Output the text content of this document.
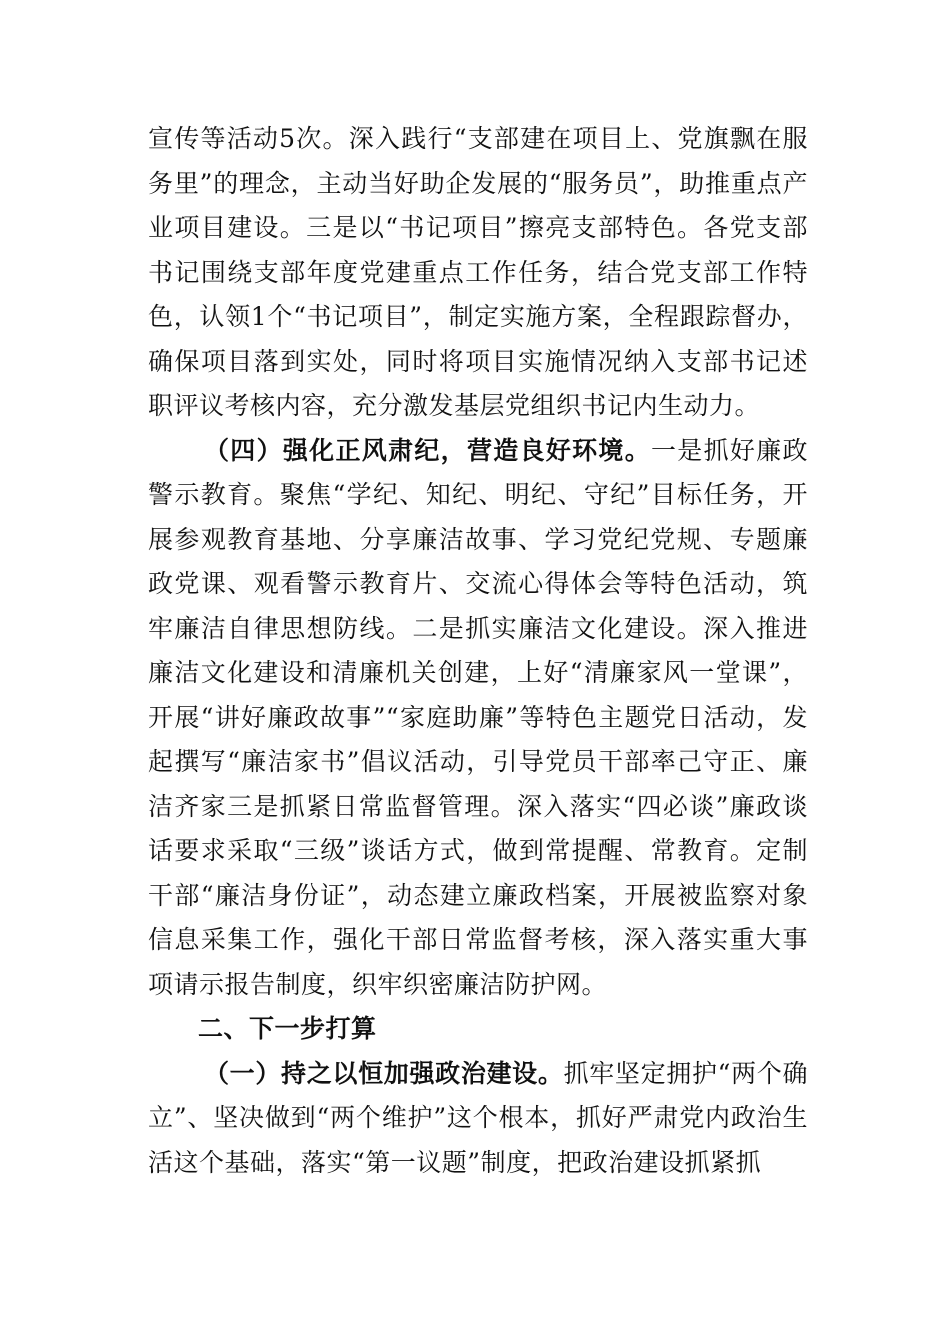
宣传等活动5次。深入践行“支部建在项目上、党旗飘在服务里”的理念，主动当好助企发展的“服务员”，助推重点产业项目建设。三是以“书记项目”擦亮支部特色。各党支部书记围绕支部年度党建重点工作任务，结合党支部工作特色，认领1个“书记项目”，制定实施方案，全程跟踪督办，确保项目落到实处，同时将项目实施情况纳入支部书记述职评议考核内容，充分激发基层党组织书记内生动力。

（四）强化正风肃纪，营造良好环境。一是抓好廉政警示教育。聚焦“学纪、知纪、明纪、守纪”目标任务，开展参观教育基地、分享廉洁故事、学习党纪党规、专题廉政党课、观看警示教育片、交流心得体会等特色活动，筑牢廉洁自律思想防线。二是抓实廉洁文化建设。深入推进廉洁文化建设和清廉机关创建，上好“清廉家风一堂课”，开展“讲好廉政故事”“家庭助廉”等特色主题党日活动，发起撰写“廉洁家书”倡议活动，引导党员干部率己守正、廉洁齐家三是抓紧日常监督管理。深入落实“四必谈”廉政谈话要求采取“三级”谈话方式，做到常提醒、常教育。定制干部“廉洁身份证”，动态建立廉政档案，开展被监察对象信息采集工作，强化干部日常监督考核，深入落实重大事项请示报告制度，织牢织密廉洁防护网。

二、下一步打算

（一）持之以恒加强政治建设。抓牢坚定拥护“两个确立”、坚决做到“两个维护”这个根本，抓好严肃党内政治生活这个基础，落实“第一议题”制度，把政治建设抓紧抓
